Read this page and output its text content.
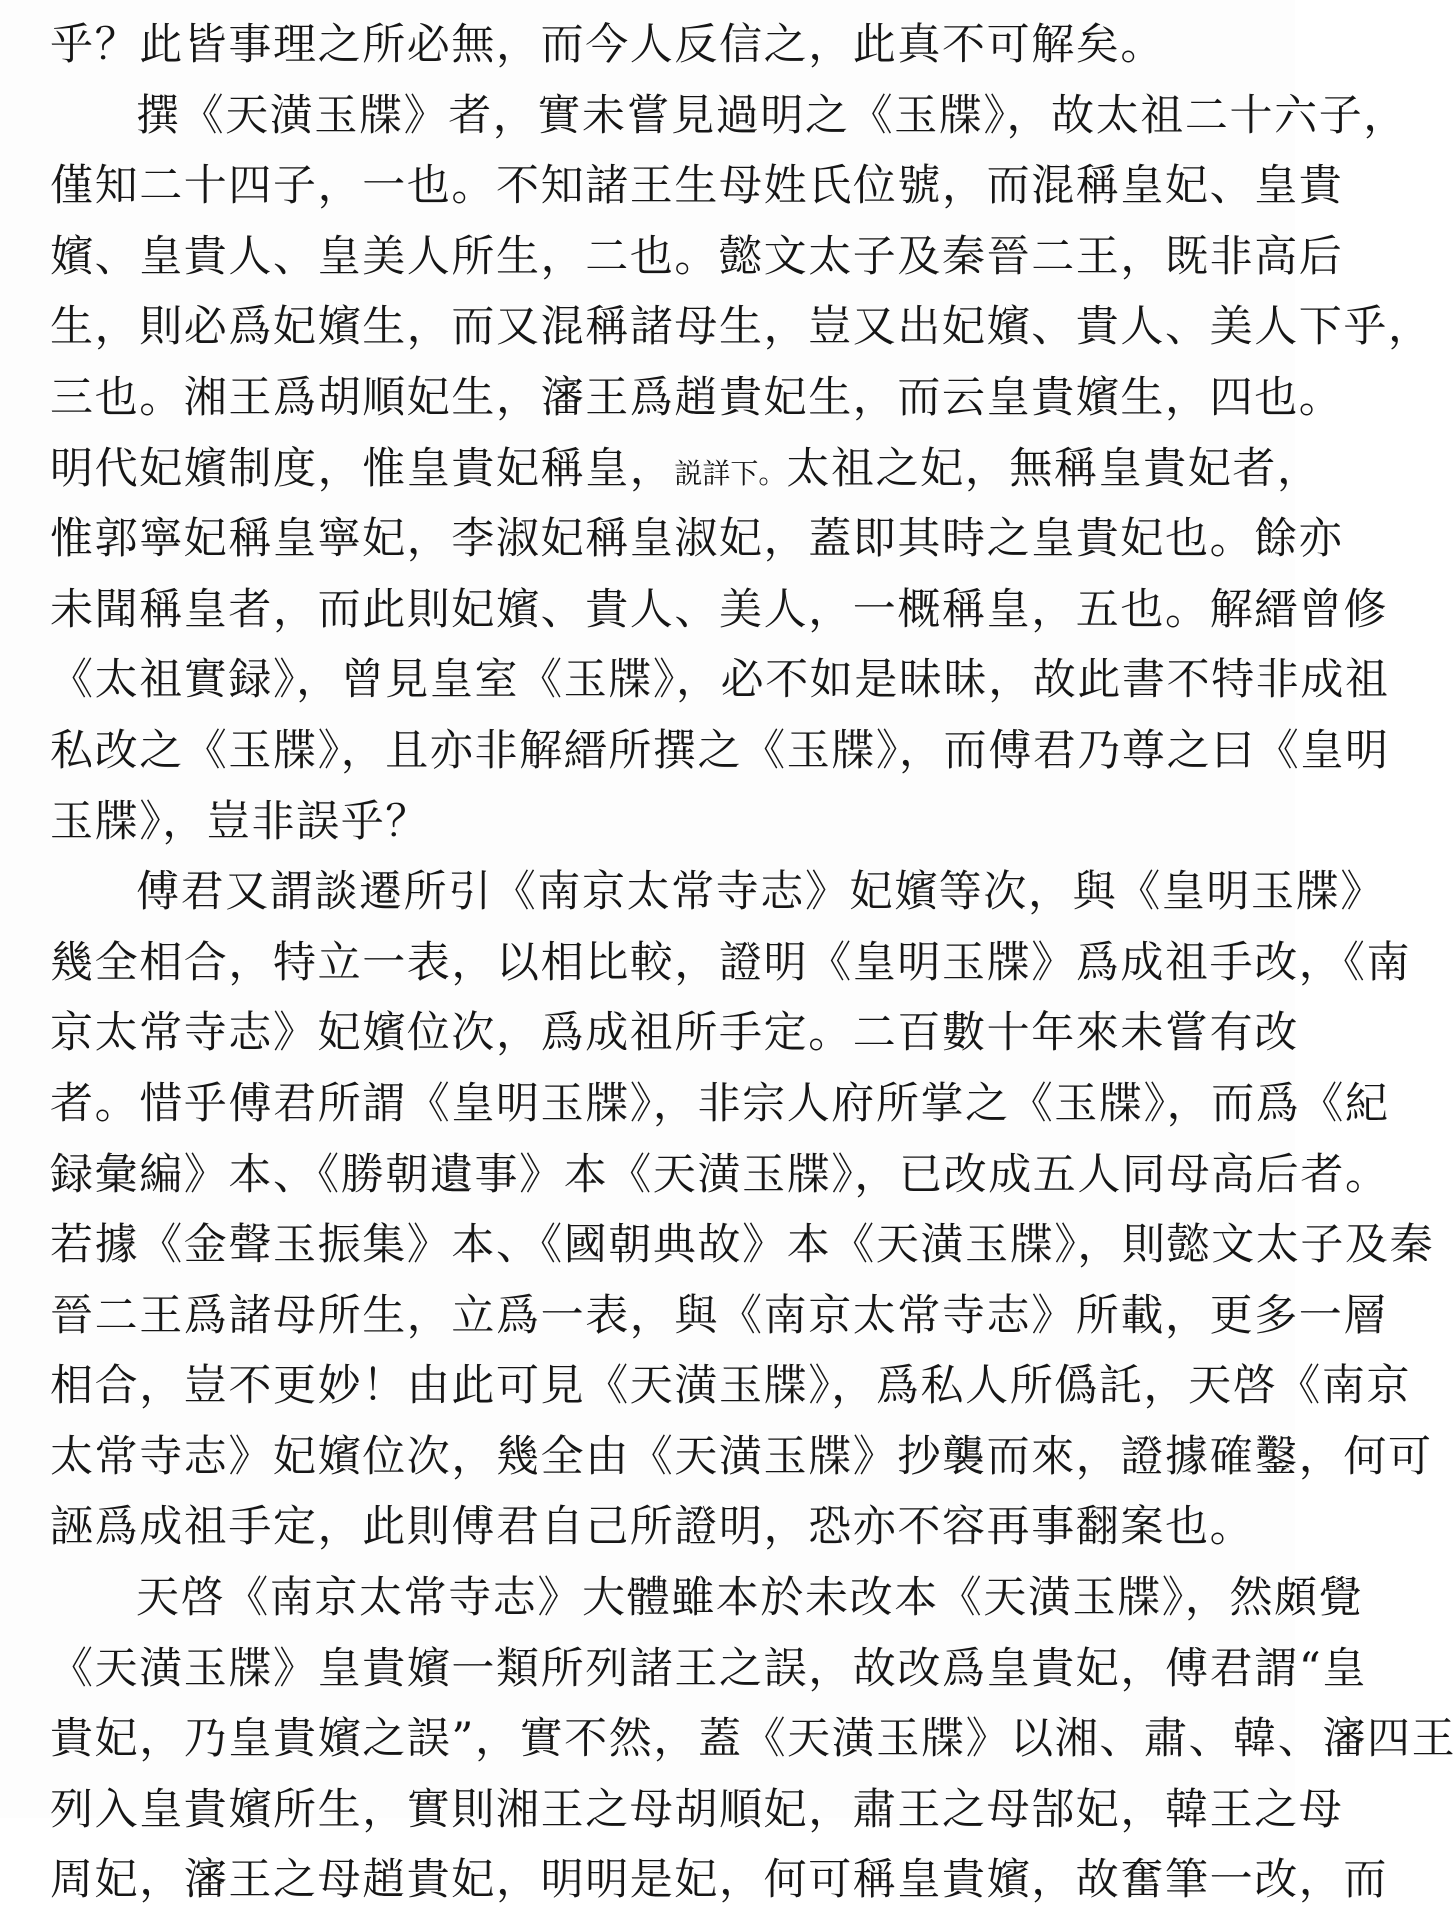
乎？此皆事理之所必無，而今人反信之，此真不可解矣。
撰《天潢玉牒》者，實未嘗見過明之《玉牒》，故太祖二十六子，
僅知二十四子，一也。不知諸王生母姓氏位號，而混稱皇妃、皇貴
嬪、皇貴人、皇美人所生，二也。懿文太子及秦晉二王，既非高后
生，則必爲妃嬪生，而又混稱諸母生，豈又出妃嬪、貴人、美人下乎，
三也。湘王爲胡順妃生，瀋王爲趙貴妃生，而云皇貴嬪生，四也。
明代妃嬪制度，惟皇貴妃稱皇，説詳下。太祖之妃，無稱皇貴妃者，
惟郭寧妃稱皇寧妃，李淑妃稱皇淑妃，蓋即其時之皇貴妃也。餘亦
未聞稱皇者，而此則妃嬪、貴人、美人，一概稱皇，五也。解縉曾修
《太祖實録》，曾見皇室《玉牒》，必不如是昧昧，故此書不特非成祖
私改之《玉牒》，且亦非解縉所撰之《玉牒》，而傅君乃尊之曰《皇明
玉牒》，豈非誤乎？
傅君又謂談遷所引《南京太常寺志》妃嬪等次，與《皇明玉牒》
幾全相合，特立一表，以相比較，證明《皇明玉牒》爲成祖手改，《南
京太常寺志》妃嬪位次，爲成祖所手定。二百數十年來未嘗有改
者。惜乎傅君所謂《皇明玉牒》，非宗人府所掌之《玉牒》，而爲《紀
録彙編》本、《勝朝遺事》本《天潢玉牒》，已改成五人同母高后者。
若據《金聲玉振集》本、《國朝典故》本《天潢玉牒》，則懿文太子及秦
晉二王爲諸母所生，立爲一表，與《南京太常寺志》所載，更多一層
相合，豈不更妙！由此可見《天潢玉牒》，爲私人所僞託，天啓《南京
太常寺志》妃嬪位次，幾全由《天潢玉牒》抄襲而來，證據確鑿，何可
誣爲成祖手定，此則傅君自己所證明，恐亦不容再事翻案也。
天啓《南京太常寺志》大體雖本於未改本《天潢玉牒》，然頗覺
《天潢玉牒》皇貴嬪一類所列諸王之誤，故改爲皇貴妃，傅君謂“皇
貴妃，乃皇貴嬪之誤”，實不然，蓋《天潢玉牒》以湘、肅、韓、瀋四王
列入皇貴嬪所生，實則湘王之母胡順妃，肅王之母郜妃，韓王之母
周妃，瀋王之母趙貴妃，明明是妃，何可稱皇貴嬪，故奮筆一改，而
